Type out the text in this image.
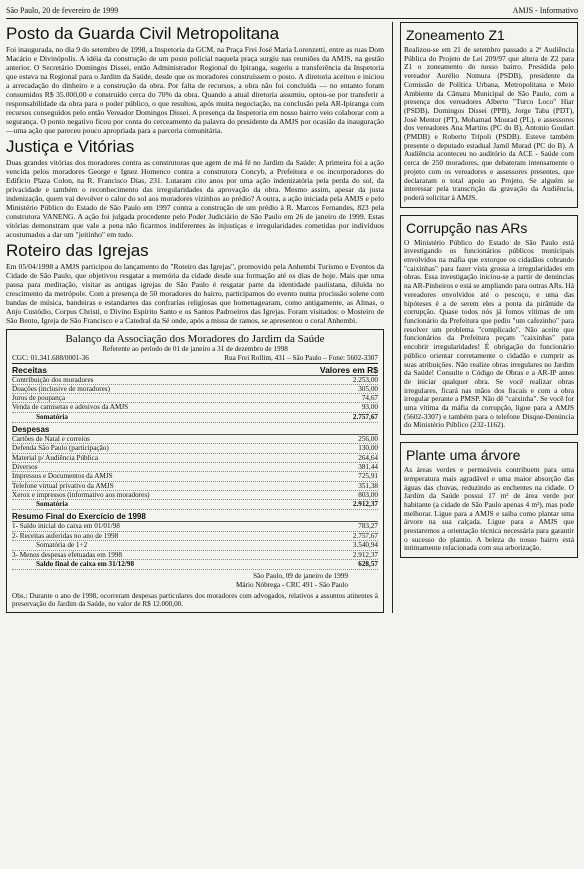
São Paulo, 20 de fevereiro de 1999	AMJS - Informativo
Posto da Guarda Civil Metropolitana

Foi inaugurada, no dia 9 do setembro de 1998, a Inspetoria da GCM, na Praça Frei José Maria Lorenzetti, entre as ruas Dom Macário e Divinópolis. A idéia da construção de um posto policial naquela praça surgiu nas reuniões da AMJS, na gestão anterior. O Secretário Domingos Dissei, então Administrador Regional do Ipiranga, sugeriu a transferência da Inspetoria que estava na Regional para o Jardim da Saúde, desde que os moradores construíssem o posto. A diretoria aceitou e iniciou a arrecadação do dinheiro e a construção da obra. Por falta de recursos, a obra não foi concluída — no entanto foram consumidos R$ 35.000,00 e construído cerca do 70% da obra. Quando a atual diretoria assumiu, optou-se por transferir a responsabilidade da obra para o poder público, o que resultou, após muita negociação, na conclusão pela AR-Ipiranga com recursos conseguidos pelo então Vereador Domingos Dissei. A presença da Inspetoria em nosso bairro veio colaborar com a segurança. O ponto negativo ficou por conta do cerceamento da palavra do presidente da AMJS por ocasião da inauguração—uma ação que pareceu pouco apropriada para a parceria comunitária.

Justiça e Vitórias

Duas grandes vitórias dos moradores contra as construtoras que agem de má fé no Jardim da Saúde: A primeira foi a ação vencida pelos moradores George e Ignez Homenco contra a construtora Concyb, a Prefeitura e os incorporadores do Edifício Plaza Colon, na R. Francisco Dias, 231. Lutaram cito anos por uma ação indenizatória pela perda do sol, da privacidade e também o reconhecimento das irregularidades da aprovação da obra. Mesmo assim, apesar da justa indenização, quem vai devolver o calor do sol aos moradores vizinhos ao prédio? A outra, a ação iniciada pela AMJS e pelo Ministério Público do Estado de São Paulo em 1997 contra a construção de um prédio à R. Marcos Fernandes, 823 pela construtora VANENG. A ação foi julgada procedente pelo Poder Judiciário de São Paulo em 26 de janeiro de 1999. Estas vitórias demonstram que vale a pena não ficarmos indiferentes às injustiças e irregularidades cometidas por indivíduos acostumados a dar um "jeitinho" em tudo.

Roteiro das Igrejas

Em 05/04/1998 a AMJS participou do lançamento do "Roteiro das Igrejas", promovido pela Anhembi Turismo e Eventos da Cidade de São Paulo, que objetivou resgatar a memória da cidade desde sua formação até os dias de hoje. Mais que uma pausa para meditação, visitar as antigas igrejas de São Paulo é resgatar parte da identidade paulistana, diluída no crescimento da metrópole. Com a presença de 50 moradores do bairro, participamos do evento numa procissão solene com bandas de música, bandeiras e estandartes das confrarias religiosas que homenagearam, como antigamente, as Almas, o Anjo Custódio, Corpus Christi, o Divino Espírito Santo e os Santos Padroeiros das Igrejas. Foram visitados: o Mosteiro de São Bento, Igreja de São Francisco e a Catedral da Sé onde, após a missa de ramos, se apresentou o coral Anhembi.

Balanço da Associação dos Moradores do Jardim da Saúde
Referente ao período de 01 de janeiro a 31 de dezembro de 1998
CGC: 01.341.688/0001-36	Rua Frei Rollim, 431 – São Paulo – Fone: 5602-3307
Receitas	Valores em R$
Contribuição dos moradores	2.253,00
Doações (inclusive de moradores)	305,00
Juros de poupança	74,67
Venda de camisetas e adesivos da AMJS	93,00
Somatória	2.757,67
Despesas
Cartões de Natal e correios	256,00
Defenda São Paulo (participação)	130,00
Material p/ Audiência Pública	264,64
Diversos	381,44
Impressos e Documentos da AMJS	725,91
Telefone virtual privativo da AMJS	351,38
Xerox e impressos (informativo aos moradores)	803,00
Somatória	2.912,37
Resumo Final do Exercício de 1998
1- Saldo inicial do caixa em 01/01/98	783,27
2- Receitas auferidas no ano de 1998	2.757,67
Somatória de 1+2	3.540,94
3- Menos despesas efetuadas em 1998	2.912,37
Saldo final de caixa em 31/12/98	628,57
São Paulo, 09 de janeiro de 1999
Mário Nóbrega - CRC 491 - São Paulo
Obs.: Durante o ano de 1998, ocorreram despesas particulares dos moradores com advogados, relativos a assuntos atinentes à preservação do Jardim da Saúde, no valor de R$ 12.000,00.
Zoneamento Z1

Realizou-se em 21 de setembro passado a 2ª Audiência Pública do Projeto de Lei 209/97 que altera de Z2 para Z1 o zoneamento do nosso bairro. Presidida pelo vereador Aurélio Nomura (PSDB), presidente da Comissão de Política Urbana, Metropolitana e Meio Ambiente da Câmara Municipal de São Paulo, com a presença dos vereadores Alberto "Turco Loco" Hiar (PSDB), Domingos Dissei (PPB), Jorge Taba (PDT), José Mentor (PT), Mohamad Mourad (PL), e assessores dos vereadores Ana Martins (PC do B), Antonio Goulart (PMDB) e Roberto Trípoli (PSDB). Esteve também presente o deputado estadual Jamil Murad (PC do B). A Audiência aconteceu no auditório da ACE - Saúde com cerca de 250 moradores, que debateram intensamente o projeto com os vereadores e assessores presentes, que declararam o total apoio ao Projeto. Se alguém se interessar pela transcrição da gravação da Audiência, poderá solicitar à AMJS.

Corrupção nas ARs

O Ministério Público do Estado de São Paulo está investigando os funcionários públicos municipais envolvidos na máfia que extorque os cidadãos cobrando "caixinhas" para fazer vista grossa a irregularidades em obras. Essa investigação iniciou-se a partir de denúncias na AR-Pinheiros e está se ampliando para outras ARs. Há vereadores envolvidos até o pescoço, e uma das hipóteses é a de serem eles a ponta da pirâmide da corrupção. Quase todos nós já fomos vítimas de um funcionário da Prefeitura que pediu "um cafezinho" para resolver um problema "complicado". Não aceite que funcionários da Prefeitura peçam "caixinhas" para encobrir irregularidades! É obrigação do funcionário público orientar corretamente o cidadão e cumprir as suas atribuições. Não realize obras irregulares no Jardim da Saúde! Consulte o Código de Obras e a AR-IP antes de iniciar qualquer obra. Se você realizar obras irregulares, ficará nas mãos dos fiscais e com a obra irregular perante a PMSP. Não dê "caixinha". Se você for uma vítima da máfia da corrupção, ligue para a AMJS (5602-3307) e também para o telefone Disque-Denúncia do Ministério Público (232-1162).

Plante uma árvore

As áreas verdes e permeáveis contribuem para uma temperatura mais agradável e uma maior absorção das águas das chuvas, reduzindo as enchentes na cidade. O Jardim da Saúde possui 17 m² de área verde por habitante (a cidade de São Paulo apenas 4 m²), mas pode melhorar. Ligue para a AMJS e saiba como plantar uma árvore na sua calçada. Ligue para a AMJS que prestaremos a orientação técnica necessária para garantir o sucesso do plantio. A beleza do nosso bairro está intimamente relacionada com sua arborização.
